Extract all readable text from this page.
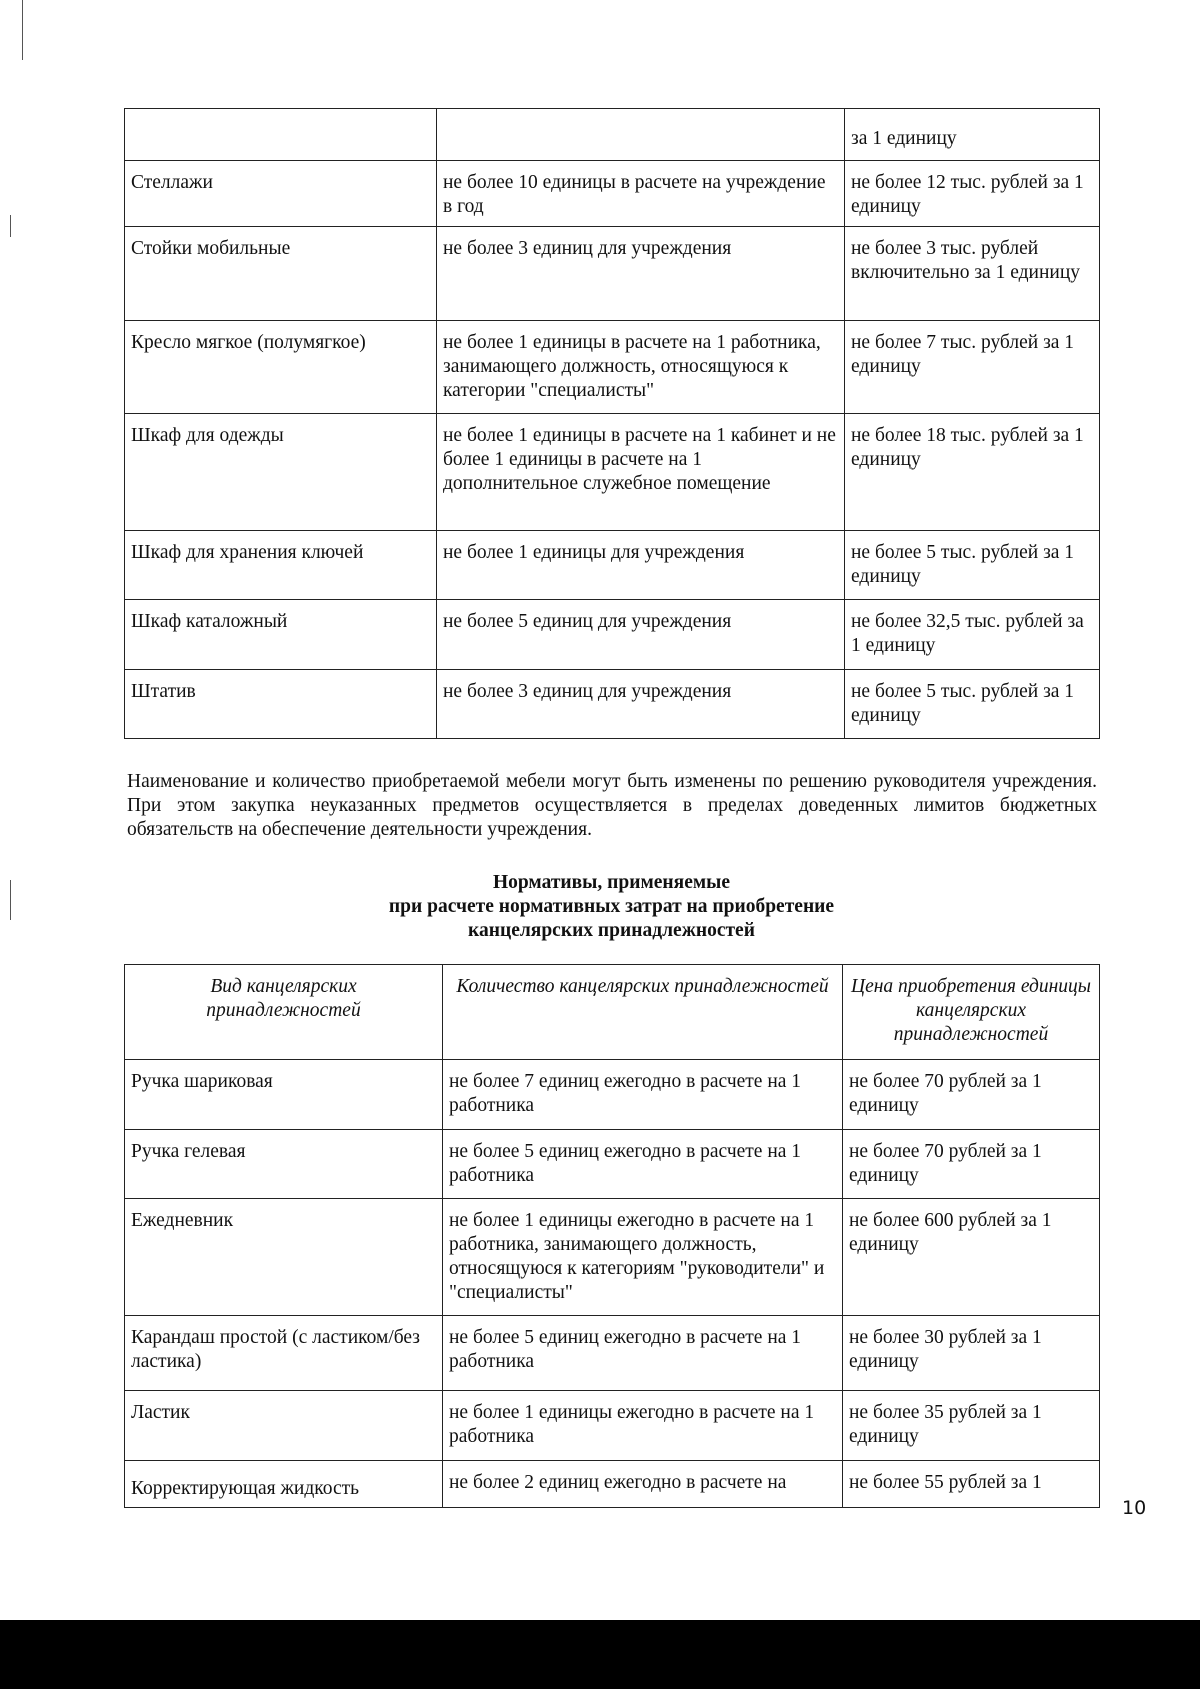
		за 1 единицу
Стеллажи	не более 10 единицы в расчете на учреждение в год	не более 12 тыс. рублей за 1 единицу
Стойки мобильные	не более 3 единиц для учреждения	не более 3 тыс. рублей включительно за 1 единицу
Кресло мягкое (полумягкое)	не более 1 единицы в расчете на 1 работника, занимающего должность, относящуюся к категории "специалисты"	не более 7 тыс. рублей за 1 единицу
Шкаф для одежды	не более 1 единицы в расчете на 1 кабинет и не более 1 единицы в расчете на 1 дополнительное служебное помещение	не более 18 тыс. рублей за 1 единицу
Шкаф для хранения ключей	не более 1 единицы для учреждения	не более 5 тыс. рублей за 1 единицу
Шкаф каталожный	не более 5 единиц для учреждения	не более 32,5 тыс. рублей за 1 единицу
Штатив	не более 3 единиц для учреждения	не более 5 тыс. рублей за 1 единицу
Наименование и количество приобретаемой мебели могут быть изменены по решению руководителя учреждения. При этом закупка неуказанных предметов осуществляется в пределах доведенных лимитов бюджетных обязательств на обеспечение деятельности учреждения.
Нормативы, применяемые
при расчете нормативных затрат на приобретение
канцелярских принадлежностей
Вид канцелярских принадлежностей	Количество канцелярских принадлежностей	Цена приобретения единицы канцелярских принадлежностей
Ручка шариковая	не более 7 единиц ежегодно в расчете на 1 работника	не более 70 рублей за 1 единицу
Ручка гелевая	не более 5 единиц ежегодно в расчете на 1 работника	не более 70 рублей за 1 единицу
Ежедневник	не более 1 единицы ежегодно в расчете на 1 работника, занимающего должность, относящуюся к категориям "руководители" и "специалисты"	не более 600 рублей за 1 единицу
Карандаш простой (с ластиком/без ластика)	не более 5 единиц ежегодно в расчете на 1 работника	не более 30 рублей за 1 единицу
Ластик	не более 1 единицы ежегодно в расчете на 1 работника	не более 35 рублей за 1 единицу
Корректирующая жидкость	не более 2 единиц ежегодно в расчете на	не более 55 рублей за 1
10
